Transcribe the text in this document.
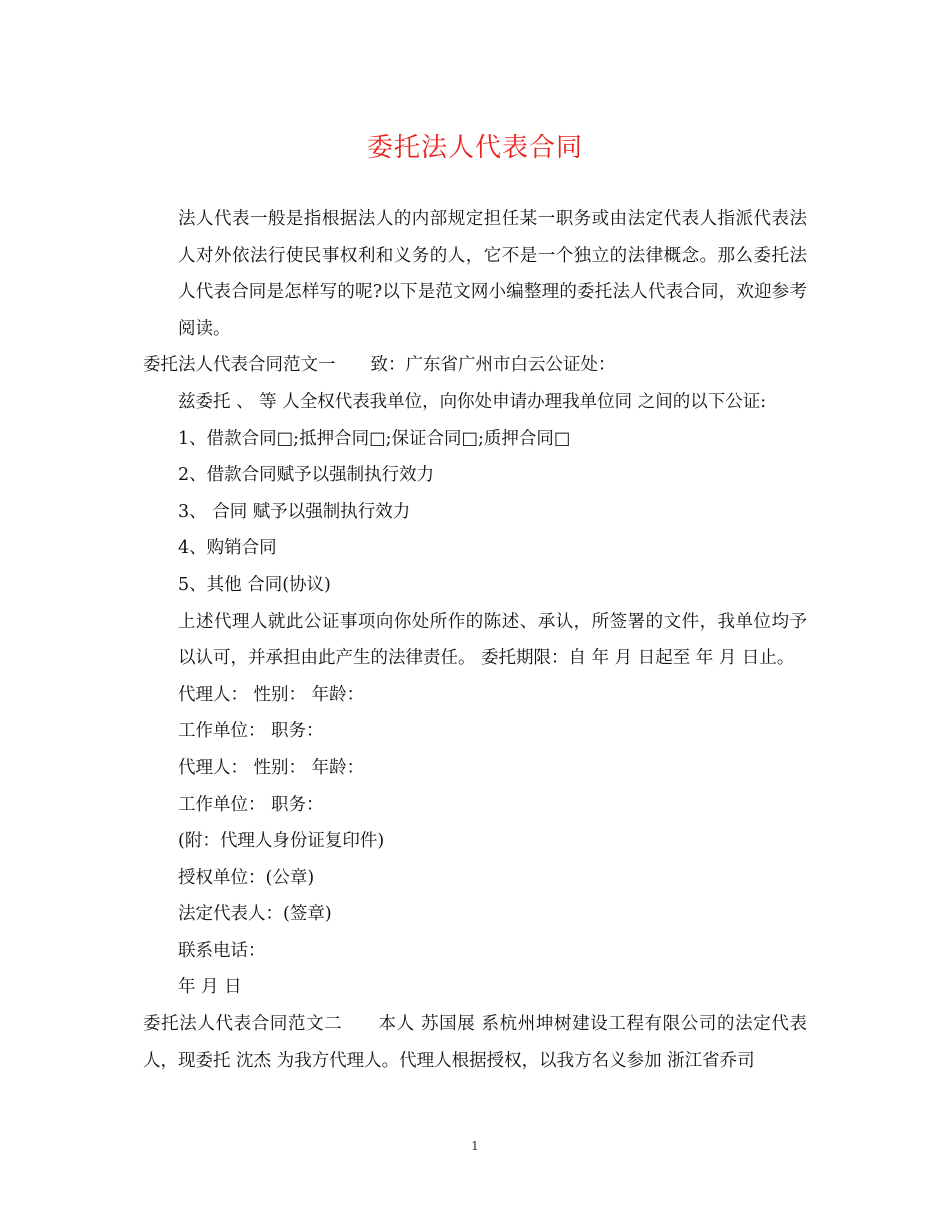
委托法人代表合同

法人代表一般是指根据法人的内部规定担任某一职务或由法定代表人指派代表法人对外依法行使民事权利和义务的人，它不是一个独立的法律概念。那么委托法人代表合同是怎样写的呢?以下是范文网小编整理的委托法人代表合同，欢迎参考阅读。

委托法人代表合同范文一　　致：广东省广州市白云公证处：

兹委托 、 等 人全权代表我单位，向你处申请办理我单位同 之间的以下公证:

1、借款合同□;抵押合同□;保证合同□;质押合同□

2、借款合同赋予以强制执行效力

3、 合同 赋予以强制执行效力

4、购销合同

5、其他 合同(协议)

上述代理人就此公证事项向你处所作的陈述、承认，所签署的文件，我单位均予以认可，并承担由此产生的法律责任。 委托期限：自 年 月 日起至 年 月 日止。

代理人： 性别： 年龄：

工作单位： 职务：

代理人： 性别： 年龄：

工作单位： 职务：

(附：代理人身份证复印件)

授权单位：(公章)

法定代表人：(签章)

联系电话：

年 月 日

委托法人代表合同范文二　　本人 苏国展 系杭州坤树建设工程有限公司的法定代表人，现委托 沈杰 为我方代理人。代理人根据授权，以我方名义参加 浙江省乔司

1
